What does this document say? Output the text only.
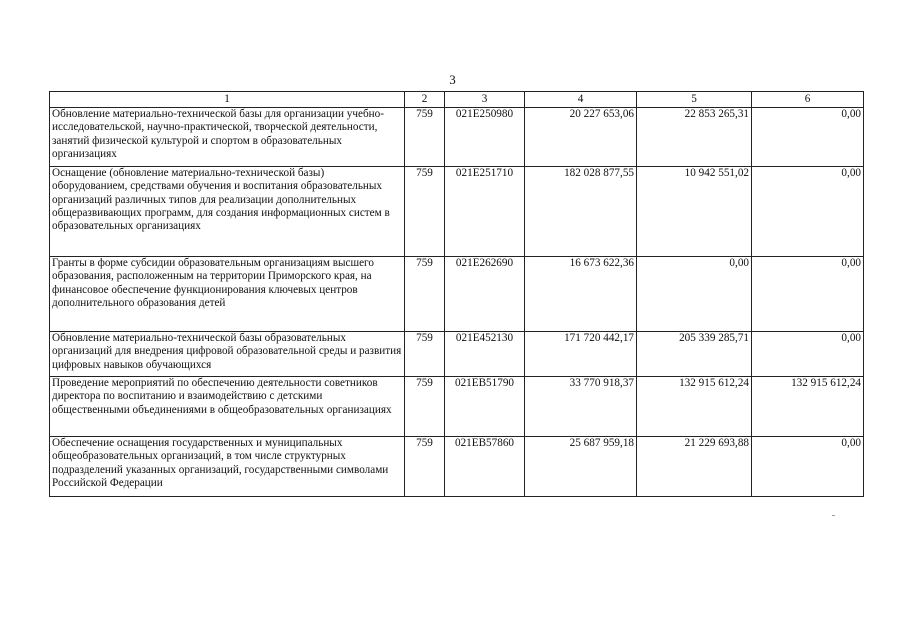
3
1	2	3	4	5	6
Обновление материально-технической базы для организации учебно-исследовательской, научно-практической, творческой деятельности, занятий физической культурой и спортом в образовательных организациях	759	021E250980	20 227 653,06	22 853 265,31	0,00
Оснащение (обновление материально-технической базы) оборудованием, средствами обучения и воспитания образовательных организаций различных типов для реализации дополнительных общеразвивающих программ, для создания информационных систем в образовательных организациях	759	021E251710	182 028 877,55	10 942 551,02	0,00
Гранты в форме субсидии образовательным организациям высшего образования, расположенным на территории Приморского края, на финансовое обеспечение функционирования ключевых центров дополнительного образования детей	759	021E262690	16 673 622,36	0,00	0,00
Обновление материально-технической базы образовательных организаций для внедрения цифровой образовательной среды и развития цифровых навыков обучающихся	759	021E452130	171 720 442,17	205 339 285,71	0,00
Проведение мероприятий по обеспечению деятельности советников директора по воспитанию и взаимодействию с детскими общественными объединениями в общеобразовательных организациях	759	021EB51790	33 770 918,37	132 915 612,24	132 915 612,24
Обеспечение оснащения государственных и муниципальных общеобразовательных организаций, в том числе структурных подразделений указанных организаций, государственными символами Российской Федерации	759	021EB57860	25 687 959,18	21 229 693,88	0,00
